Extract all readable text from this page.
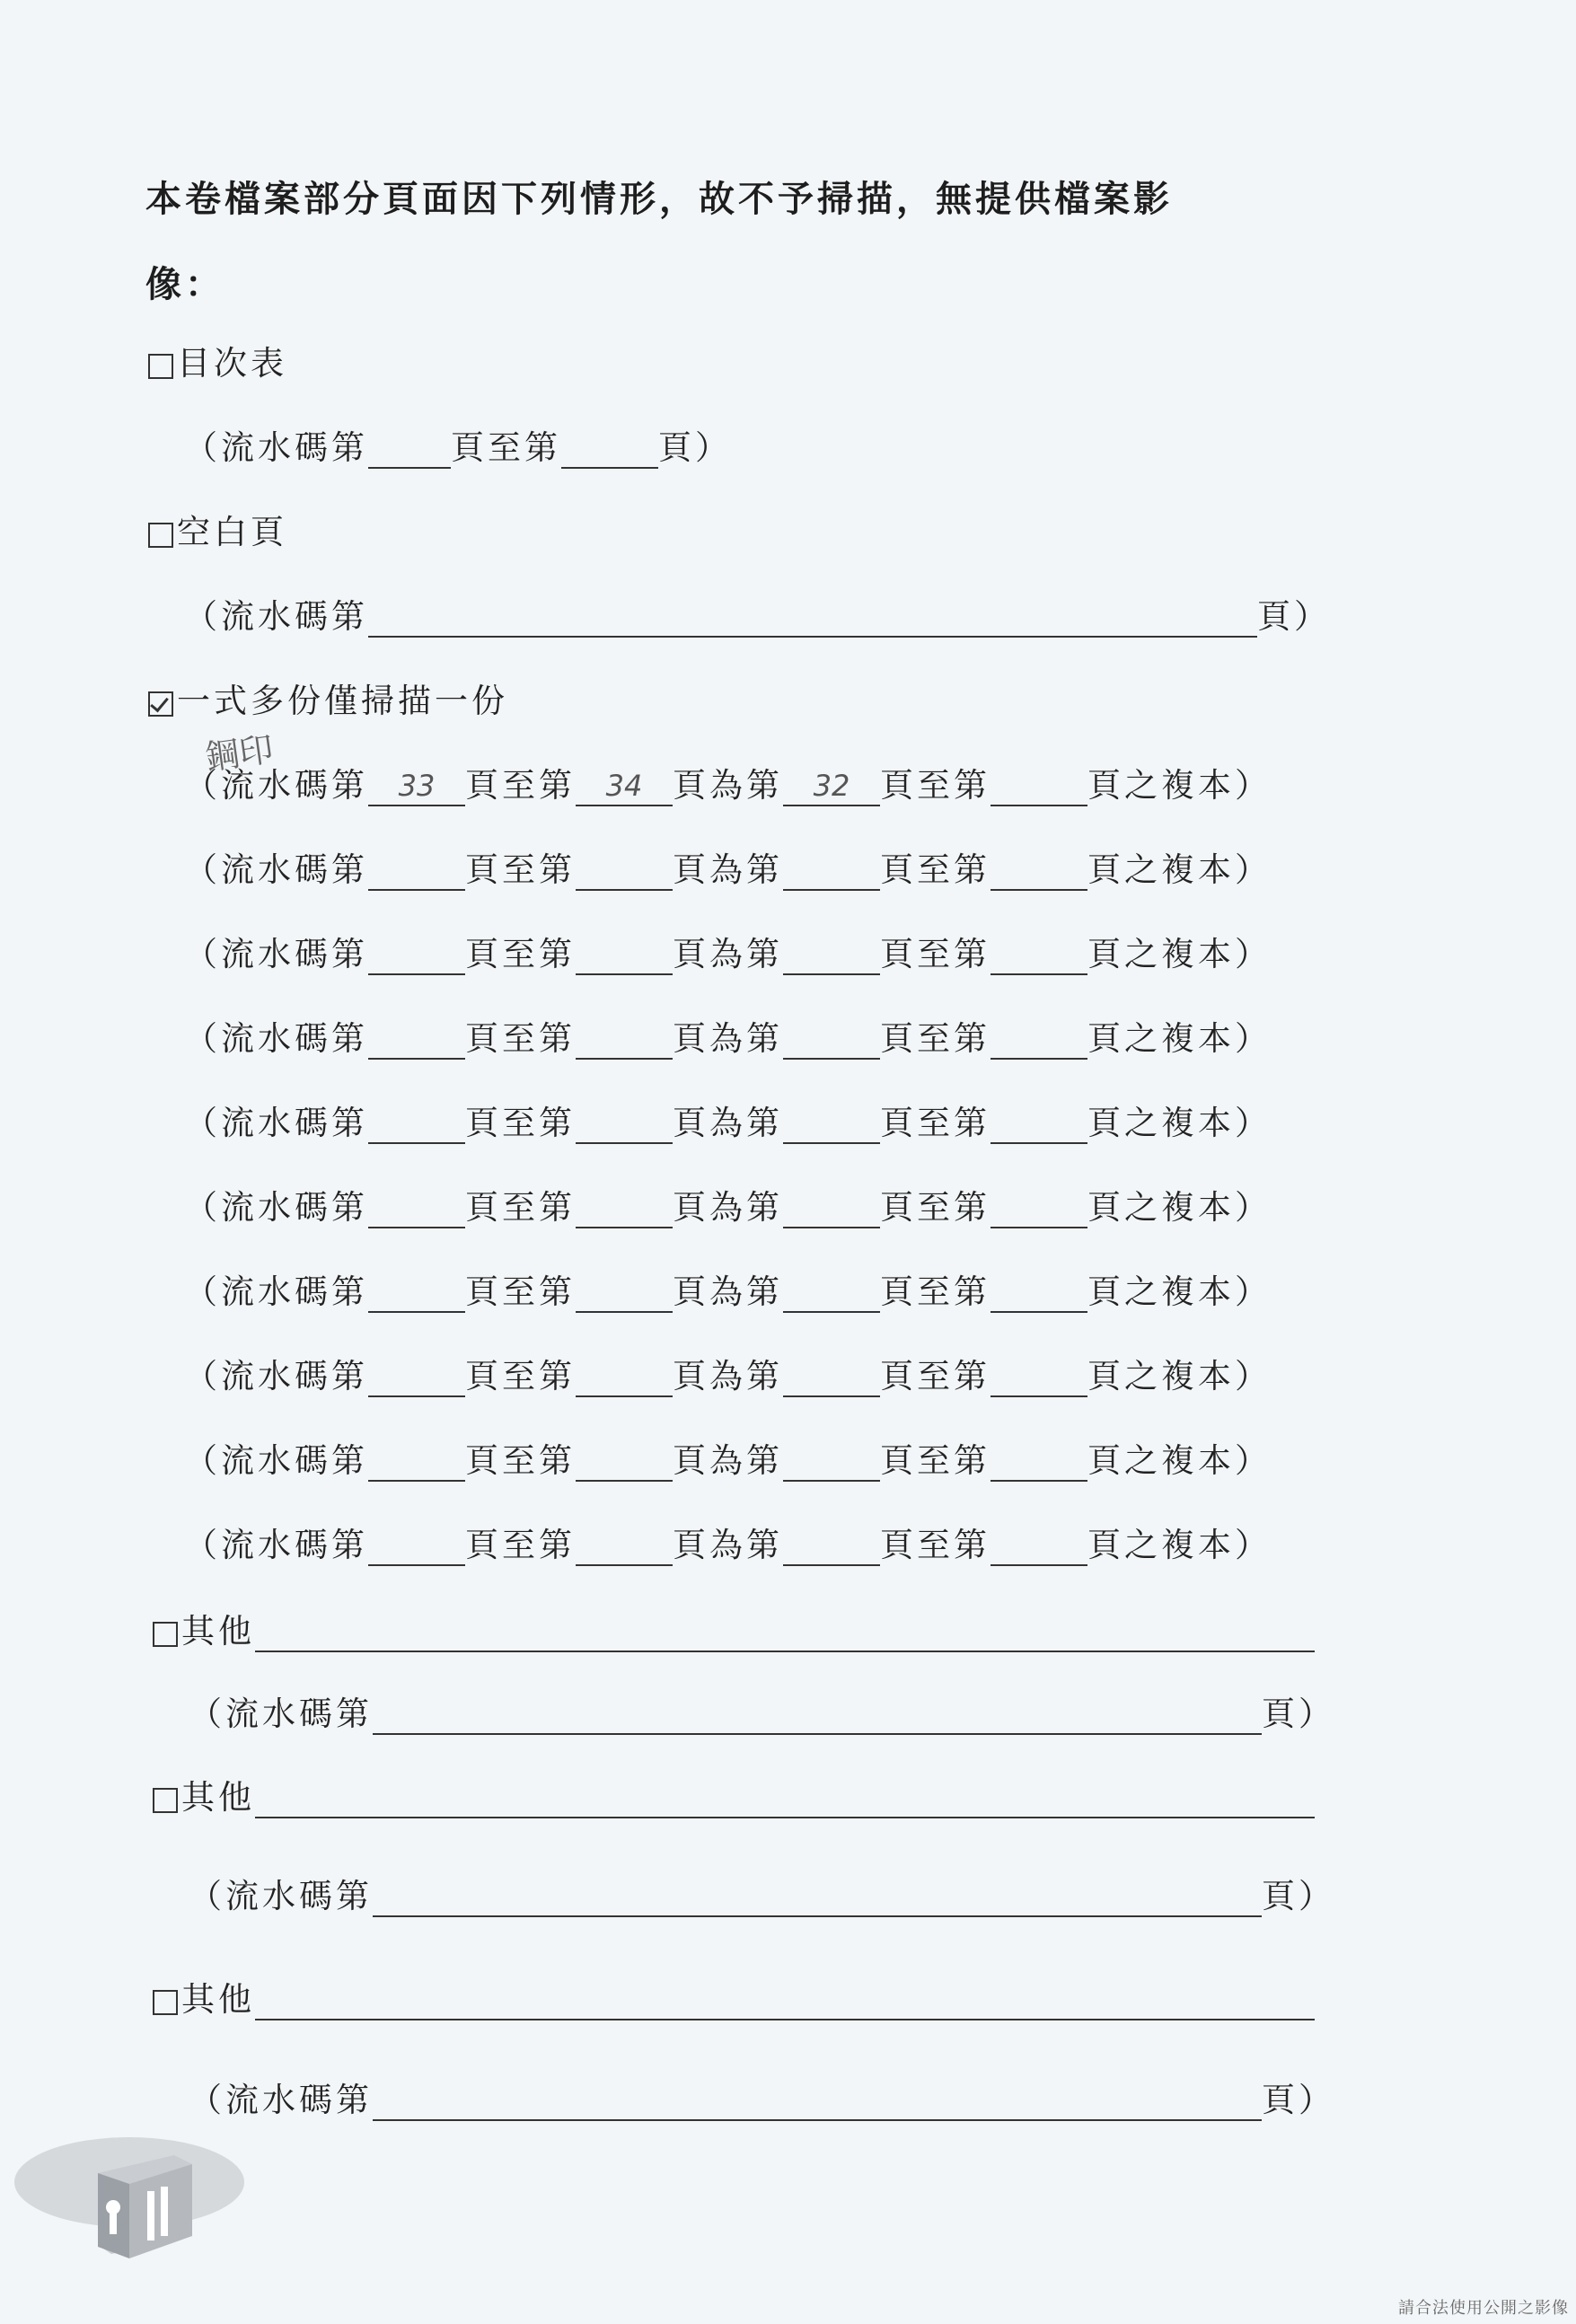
本卷檔案部分頁面因下列情形，故不予掃描，無提供檔案影
像：
目次表
（流水碼第 頁至第	頁）
空白頁
（流水碼第	頁）
一式多份僅掃描一份
鋼印
（流水碼第	33 頁至第	34 頁為第	32 頁至第	頁之複本）
（流水碼第	頁至第	頁為第	頁至第	頁之複本）
（流水碼第	頁至第	頁為第	頁至第	頁之複本）
（流水碼第	頁至第	頁為第	頁至第	頁之複本）
（流水碼第	頁至第	頁為第	頁至第	頁之複本）
（流水碼第	頁至第	頁為第	頁至第	頁之複本）
（流水碼第	頁至第	頁為第	頁至第	頁之複本）
（流水碼第	頁至第	頁為第	頁至第	頁之複本）
（流水碼第	頁至第	頁為第	頁至第	頁之複本）
（流水碼第	頁至第	頁為第	頁至第	頁之複本）
其他
（流水碼第	頁）
其他
（流水碼第	頁）
其他
（流水碼第	頁）
請合法使用公開之影像
